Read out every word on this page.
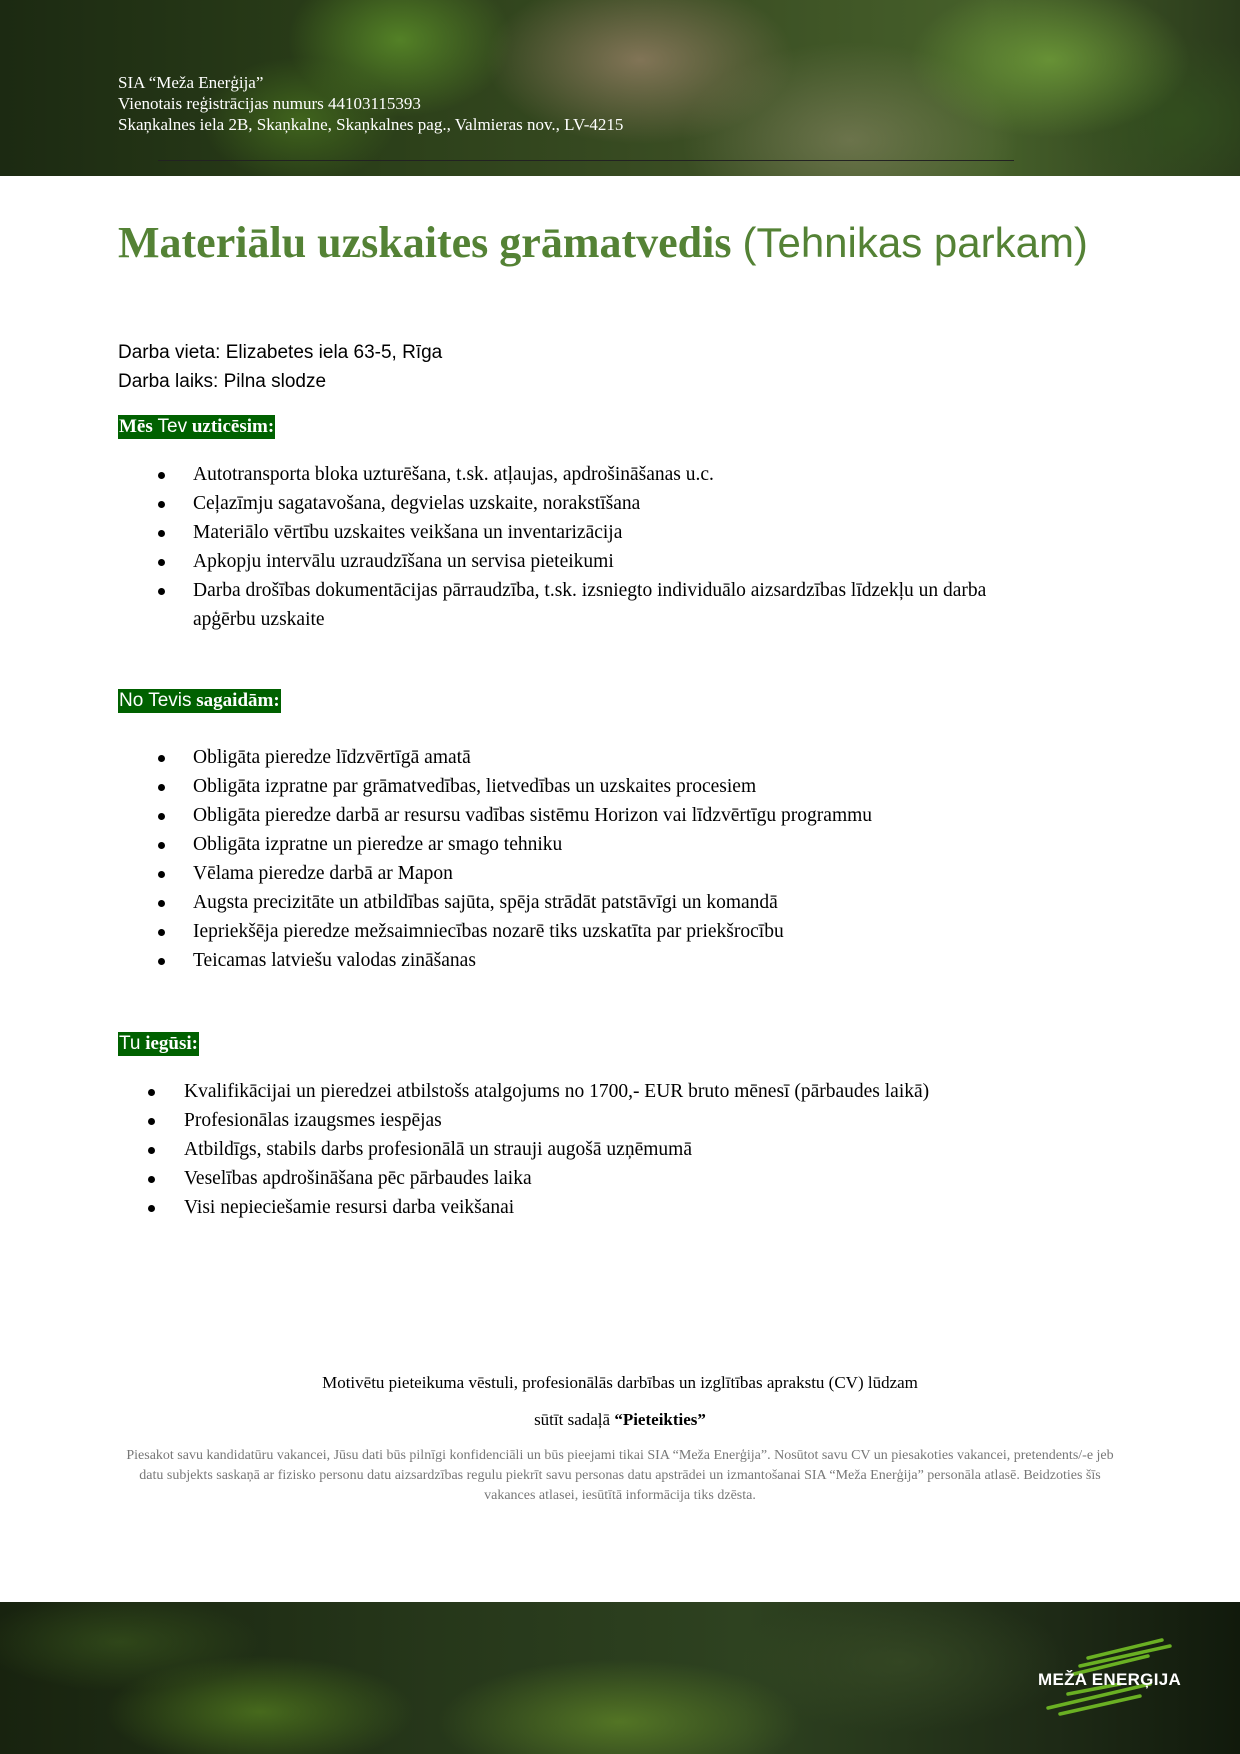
SIA “Meža Enerģija”
Vienotais reģistrācijas numurs 44103115393
Skaņkalnes iela 2B, Skaņkalne, Skaņkalnes pag., Valmieras nov., LV-4215
Materiālu uzskaites grāmatvedis (Tehnikas parkam)
Darba vieta: Elizabetes iela 63-5, Rīga
Darba laiks: Pilna slodze
Mēs Tev uzticēsim:
Autotransporta bloka uzturēšana, t.sk. atļaujas, apdrošināšanas u.c.
Ceļazīmju sagatavošana, degvielas uzskaite, norakstīšana
Materiālo vērtību uzskaites veikšana un inventarizācija
Apkopju intervālu uzraudzīšana un servisa pieteikumi
Darba drošības dokumentācijas pārraudzība, t.sk. izsniegto individuālo aizsardzības līdzekļu un darba apģērbu uzskaite
No Tevis sagaidām:
Obligāta pieredze līdzvērtīgā amatā
Obligāta izpratne par grāmatvedības, lietvedības un uzskaites procesiem
Obligāta pieredze darbā ar resursu vadības sistēmu Horizon vai līdzvērtīgu programmu
Obligāta izpratne un pieredze ar smago tehniku
Vēlama pieredze darbā ar Mapon
Augsta precizitāte un atbildības sajūta, spēja strādāt patstāvīgi un komandā
Iepriekšēja pieredze mežsaimniecības nozarē tiks uzskatīta par priekšrocību
Teicamas latviešu valodas zināšanas
Tu iegūsi:
Kvalifikācijai un pieredzei atbilstošs atalgojums no 1700,- EUR bruto mēnesī (pārbaudes laikā)
Profesionālas izaugsmes iespējas
Atbildīgs, stabils darbs profesionālā un strauji augošā uzņēmumā
Veselības apdrošināšana pēc pārbaudes laika
Visi nepieciešamie resursi darba veikšanai
Motivētu pieteikuma vēstuli, profesionālās darbības un izglītības aprakstu (CV) lūdzam
sūtīt sadaļā “Pieteikties”
Piesakot savu kandidatūru vakancei, Jūsu dati būs pilnīgi konfidenciāli un būs pieejami tikai SIA “Meža Enerģija”. Nosūtot savu CV un piesakoties vakancei, pretendents/-e jeb datu subjekts saskaņā ar fizisko personu datu aizsardzības regulu piekrīt savu personas datu apstrādei un izmantošanai SIA “Meža Enerģija” personāla atlasē. Beidzoties šīs vakances atlasei, iesūtītā informācija tiks dzēsta.
MEŽA ENERĢIJA
